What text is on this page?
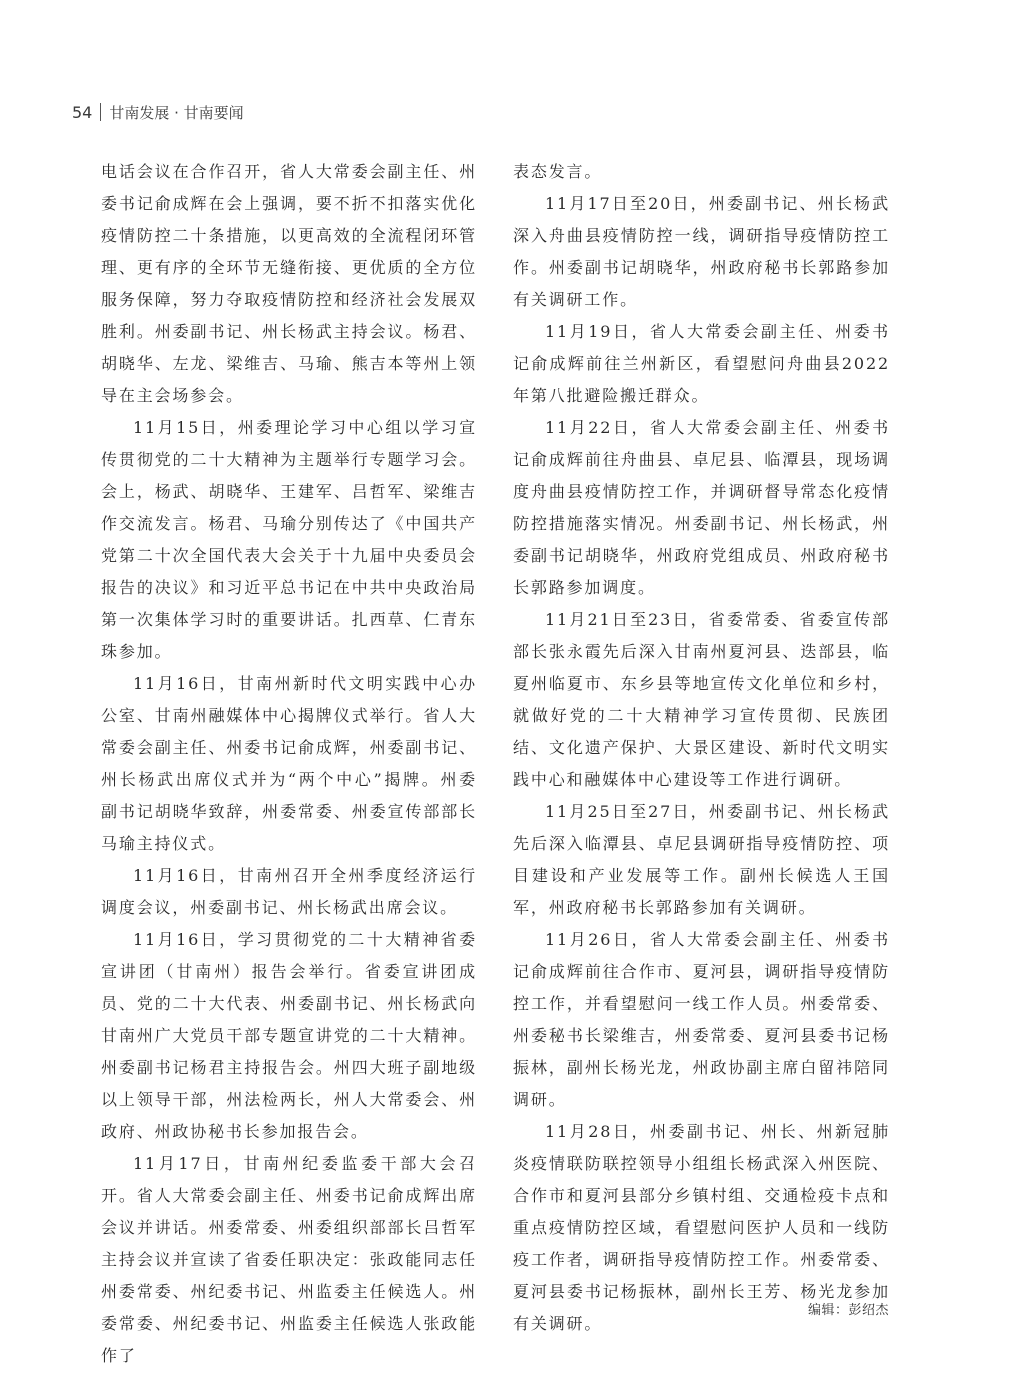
54 甘南发展 · 甘南要闻

电话会议在合作召开，省人大常委会副主任、州委书记俞成辉在会上强调，要不折不扣落实优化疫情防控二十条措施，以更高效的全流程闭环管理、更有序的全环节无缝衔接、更优质的全方位服务保障，努力夺取疫情防控和经济社会发展双胜利。州委副书记、州长杨武主持会议。杨君、胡晓华、左龙、梁维吉、马瑜、熊吉本等州上领导在主会场参会。

11月15日，州委理论学习中心组以学习宣传贯彻党的二十大精神为主题举行专题学习会。会上，杨武、胡晓华、王建军、吕哲军、梁维吉作交流发言。杨君、马瑜分别传达了《中国共产党第二十次全国代表大会关于十九届中央委员会报告的决议》和习近平总书记在中共中央政治局第一次集体学习时的重要讲话。扎西草、仁青东珠参加。

11月16日，甘南州新时代文明实践中心办公室、甘南州融媒体中心揭牌仪式举行。省人大常委会副主任、州委书记俞成辉，州委副书记、州长杨武出席仪式并为“两个中心”揭牌。州委副书记胡晓华致辞，州委常委、州委宣传部部长马瑜主持仪式。

11月16日，甘南州召开全州季度经济运行调度会议，州委副书记、州长杨武出席会议。

11月16日，学习贯彻党的二十大精神省委宣讲团（甘南州）报告会举行。省委宣讲团成员、党的二十大代表、州委副书记、州长杨武向甘南州广大党员干部专题宣讲党的二十大精神。州委副书记杨君主持报告会。州四大班子副地级以上领导干部，州法检两长，州人大常委会、州政府、州政协秘书长参加报告会。

11月17日，甘南州纪委监委干部大会召开。省人大常委会副主任、州委书记俞成辉出席会议并讲话。州委常委、州委组织部部长吕哲军主持会议并宣读了省委任职决定：张政能同志任州委常委、州纪委书记、州监委主任候选人。州委常委、州纪委书记、州监委主任候选人张政能作了

表态发言。

11月17日至20日，州委副书记、州长杨武深入舟曲县疫情防控一线，调研指导疫情防控工作。州委副书记胡晓华，州政府秘书长郭路参加有关调研工作。

11月19日，省人大常委会副主任、州委书记俞成辉前往兰州新区，看望慰问舟曲县2022年第八批避险搬迁群众。

11月22日，省人大常委会副主任、州委书记俞成辉前往舟曲县、卓尼县、临潭县，现场调度舟曲县疫情防控工作，并调研督导常态化疫情防控措施落实情况。州委副书记、州长杨武，州委副书记胡晓华，州政府党组成员、州政府秘书长郭路参加调度。

11月21日至23日，省委常委、省委宣传部部长张永霞先后深入甘南州夏河县、迭部县，临夏州临夏市、东乡县等地宣传文化单位和乡村，就做好党的二十大精神学习宣传贯彻、民族团结、文化遗产保护、大景区建设、新时代文明实践中心和融媒体中心建设等工作进行调研。

11月25日至27日，州委副书记、州长杨武先后深入临潭县、卓尼县调研指导疫情防控、项目建设和产业发展等工作。副州长候选人王国军，州政府秘书长郭路参加有关调研。

11月26日，省人大常委会副主任、州委书记俞成辉前往合作市、夏河县，调研指导疫情防控工作，并看望慰问一线工作人员。州委常委、州委秘书长梁维吉，州委常委、夏河县委书记杨振林，副州长杨光龙，州政协副主席白留祎陪同调研。

11月28日，州委副书记、州长、州新冠肺炎疫情联防联控领导小组组长杨武深入州医院、合作市和夏河县部分乡镇村组、交通检疫卡点和重点疫情防控区域，看望慰问医护人员和一线防疫工作者，调研指导疫情防控工作。州委常委、夏河县委书记杨振林，副州长王芳、杨光龙参加有关调研。

编辑：彭绍杰
